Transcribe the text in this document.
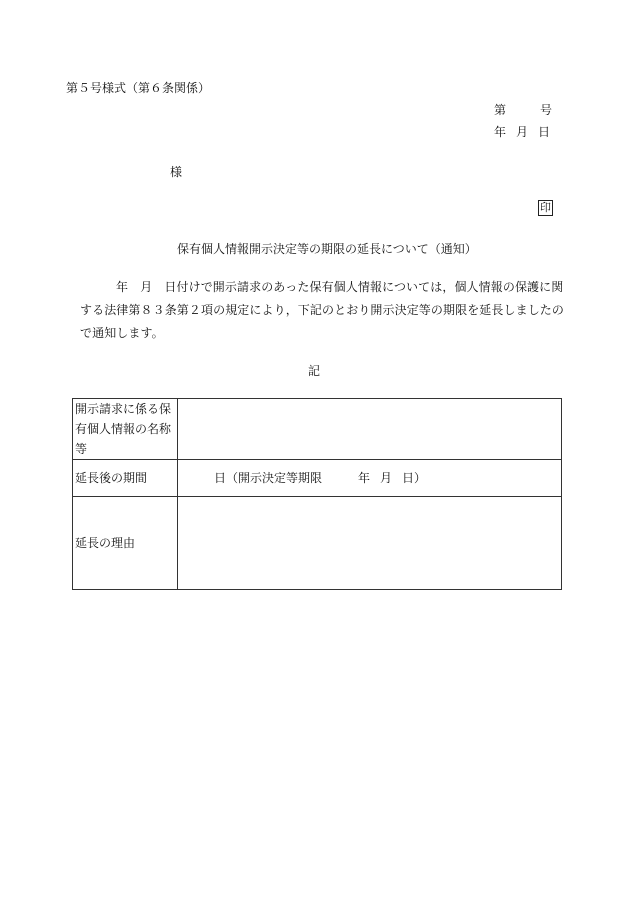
第５号様式（第６条関係）
第	号
年 月 日
様
印
保有個人情報開示決定等の期限の延長について（通知）
年　月　日付けで開示請求のあった保有個人情報については，個人情報の保護に関する法律第８３条第２項の規定により，下記のとおり開示決定等の期限を延長しましたので通知します。
記
開示請求に係る保有個人情報の名称等	
延長後の期間	日（開示決定等期限 年 月 日）
延長の理由	
